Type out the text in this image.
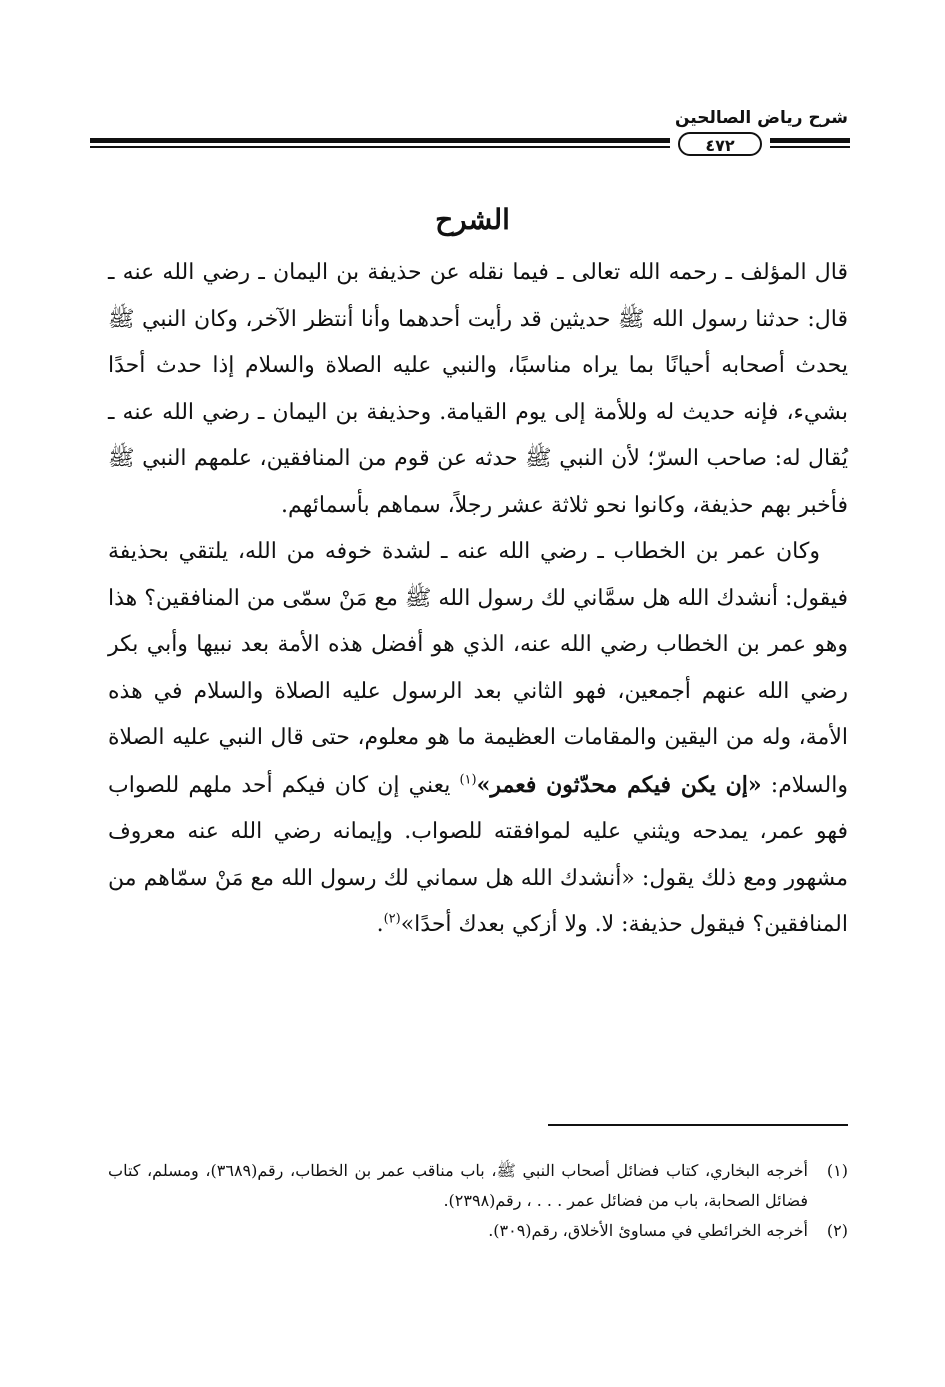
شرح رياض الصالحين
٤٧٢
الشرح

قال المؤلف ـ رحمه الله تعالى ـ فيما نقله عن حذيفة بن اليمان ـ رضي الله عنه ـ قال: حدثنا رسول الله ﷺ حديثين قد رأيت أحدهما وأنا أنتظر الآخر، وكان النبي ﷺ يحدث أصحابه أحيانًا بما يراه مناسبًا، والنبي عليه الصلاة والسلام إذا حدث أحدًا بشيء، فإنه حديث له وللأمة إلى يوم القيامة. وحذيفة بن اليمان ـ رضي الله عنه ـ يُقال له: صاحب السرّ؛ لأن النبي ﷺ حدثه عن قوم من المنافقين، علمهم النبي ﷺ فأخبر بهم حذيفة، وكانوا نحو ثلاثة عشر رجلاً، سماهم بأسمائهم.

وكان عمر بن الخطاب ـ رضي الله عنه ـ لشدة خوفه من الله، يلتقي بحذيفة فيقول: أنشدك الله هل سمَّاني لك رسول الله ﷺ مع مَنْ سمّى من المنافقين؟ هذا وهو عمر بن الخطاب رضي الله عنه، الذي هو أفضل هذه الأمة بعد نبيها وأبي بكر رضي الله عنهم أجمعين، فهو الثاني بعد الرسول عليه الصلاة والسلام في هذه الأمة، وله من اليقين والمقامات العظيمة ما هو معلوم، حتى قال النبي عليه الصلاة والسلام: «إن يكن فيكم محدّثون فعمر»$^{(١)}$ يعني إن كان فيكم أحد ملهم للصواب فهو عمر، يمدحه ويثني عليه لموافقته للصواب. وإيمانه رضي الله عنه معروف مشهور ومع ذلك يقول: «أنشدك الله هل سماني لك رسول الله مع مَنْ سمّاهم من المنافقين؟ فيقول حذيفة: لا. ولا أزكي بعدك أحدًا»$^{(٢)}$.

(١)
أخرجه البخاري، كتاب فضائل أصحاب النبي ﷺ، باب مناقب عمر بن الخطاب، رقم(٣٦٨٩)، ومسلم، كتاب فضائل الصحابة، باب من فضائل عمر . . . ، رقم(٢٣٩٨).
(٢)
أخرجه الخرائطي في مساوئ الأخلاق، رقم(٣٠٩).
